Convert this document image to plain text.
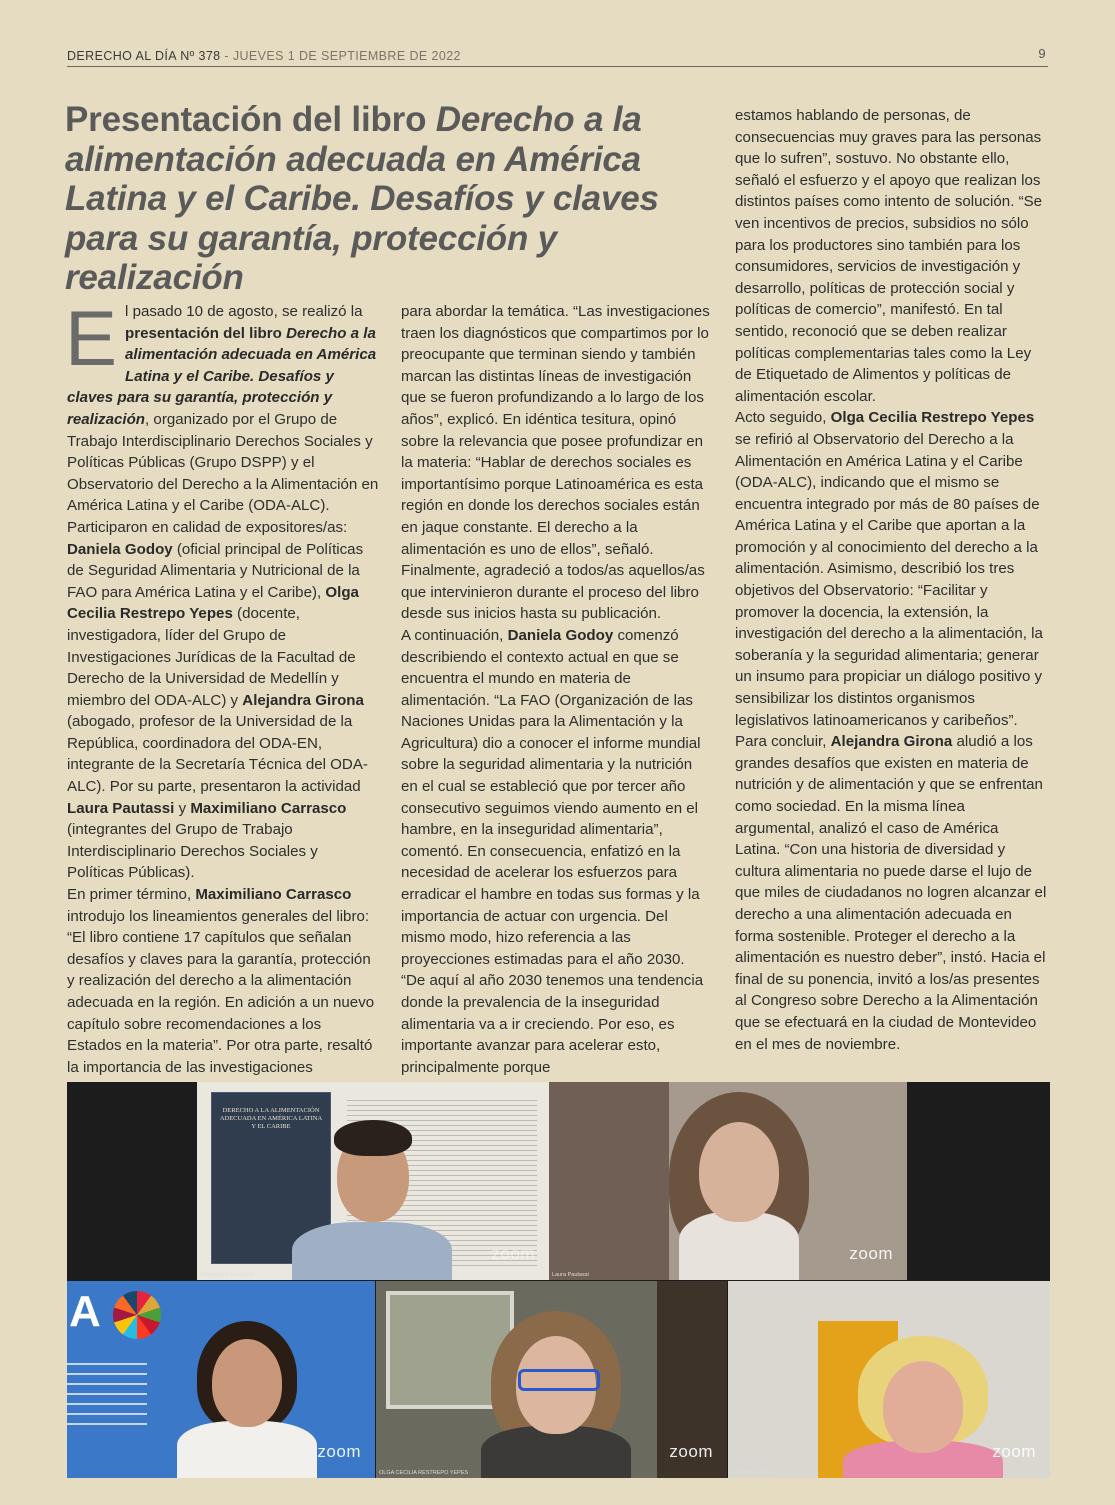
DERECHO AL DÍA Nº 378 - JUEVES 1 DE SEPTIEMBRE DE 2022	9
Presentación del libro Derecho a la alimentación adecuada en América Latina y el Caribe. Desafíos y claves para su garantía, protección y realización
E l pasado 10 de agosto, se realizó la presentación del libro Derecho a la alimentación adecuada en América Latina y el Caribe. Desafíos y claves para su garantía, protección y realización, organizado por el Grupo de Trabajo Interdisciplinario Derechos Sociales y Políticas Públicas (Grupo DSPP) y el Observatorio del Derecho a la Alimentación en América Latina y el Caribe (ODA-ALC). Participaron en calidad de expositores/as: Daniela Godoy (oficial principal de Políticas de Seguridad Alimentaria y Nutricional de la FAO para América Latina y el Caribe), Olga Cecilia Restrepo Yepes (docente, investigadora, líder del Grupo de Investigaciones Jurídicas de la Facultad de Derecho de la Universidad de Medellín y miembro del ODA-ALC) y Alejandra Girona (abogado, profesor de la Universidad de la República, coordinadora del ODA-EN, integrante de la Secretaría Técnica del ODA-ALC). Por su parte, presentaron la actividad Laura Pautassi y Maximiliano Carrasco (integrantes del Grupo de Trabajo Interdisciplinario Derechos Sociales y Políticas Públicas).

En primer término, Maximiliano Carrasco introdujo los lineamientos generales del libro: “El libro contiene 17 capítulos que señalan desafíos y claves para la garantía, protección y realización del derecho a la alimentación adecuada en la región. En adición a un nuevo capítulo sobre recomendaciones a los Estados en la materia”. Por otra parte, resaltó la importancia de las investigaciones

para abordar la temática. “Las investigaciones traen los diagnósticos que compartimos por lo preocupante que terminan siendo y también marcan las distintas líneas de investigación que se fueron profundizando a lo largo de los años”, explicó. En idéntica tesitura, opinó sobre la relevancia que posee profundizar en la materia: “Hablar de derechos sociales es importantísimo porque Latinoamérica es esta región en donde los derechos sociales están en jaque constante. El derecho a la alimentación es uno de ellos”, señaló. Finalmente, agradeció a todos/as aquellos/as que intervinieron durante el proceso del libro desde sus inicios hasta su publicación.

A continuación, Daniela Godoy comenzó describiendo el contexto actual en que se encuentra el mundo en materia de alimentación. “La FAO (Organización de las Naciones Unidas para la Alimentación y la Agricultura) dio a conocer el informe mundial sobre la seguridad alimentaria y la nutrición en el cual se estableció que por tercer año consecutivo seguimos viendo aumento en el hambre, en la inseguridad alimentaria”, comentó. En consecuencia, enfatizó en la necesidad de acelerar los esfuerzos para erradicar el hambre en todas sus formas y la importancia de actuar con urgencia. Del mismo modo, hizo referencia a las proyecciones estimadas para el año 2030. “De aquí al año 2030 tenemos una tendencia donde la prevalencia de la inseguridad alimentaria va a ir creciendo. Por eso, es importante avanzar para acelerar esto, principalmente porque

estamos hablando de personas, de consecuencias muy graves para las personas que lo sufren”, sostuvo. No obstante ello, señaló el esfuerzo y el apoyo que realizan los distintos países como intento de solución. “Se ven incentivos de precios, subsidios no sólo para los productores sino también para los consumidores, servicios de investigación y desarrollo, políticas de protección social y políticas de comercio”, manifestó. En tal sentido, reconoció que se deben realizar políticas complementarias tales como la Ley de Etiquetado de Alimentos y políticas de alimentación escolar.

Acto seguido, Olga Cecilia Restrepo Yepes se refirió al Observatorio del Derecho a la Alimentación en América Latina y el Caribe (ODA-ALC), indicando que el mismo se encuentra integrado por más de 80 países de América Latina y el Caribe que aportan a la promoción y al conocimiento del derecho a la alimentación. Asimismo, describió los tres objetivos del Observatorio: “Facilitar y promover la docencia, la extensión, la investigación del derecho a la alimentación, la soberanía y la seguridad alimentaria; generar un insumo para propiciar un diálogo positivo y sensibilizar los distintos organismos legislativos latinoamericanos y caribeños”.

Para concluir, Alejandra Girona aludió a los grandes desafíos que existen en materia de nutrición y de alimentación y que se enfrentan como sociedad. En la misma línea argumental, analizó el caso de América Latina. “Con una historia de diversidad y cultura alimentaria no puede darse el lujo de que miles de ciudadanos no logren alcanzar el derecho a una alimentación adecuada en forma sostenible. Proteger el derecho a la alimentación es nuestro deber”, instó. Hacia el final de su ponencia, invitó a los/as presentes al Congreso sobre Derecho a la Alimentación que se efectuará en la ciudad de Montevideo en el mes de noviembre.

DERECHO A LA ALIMENTACIÓN ADECUADA EN AMÉRICA LATINA Y EL CARIBE
Maximiliano Carrasco
zoom
Laura Pautassi
zoom
A
zoom
OLGA CECILIA RESTREPO YEPES
zoom
Alejandra Girona
zoom
